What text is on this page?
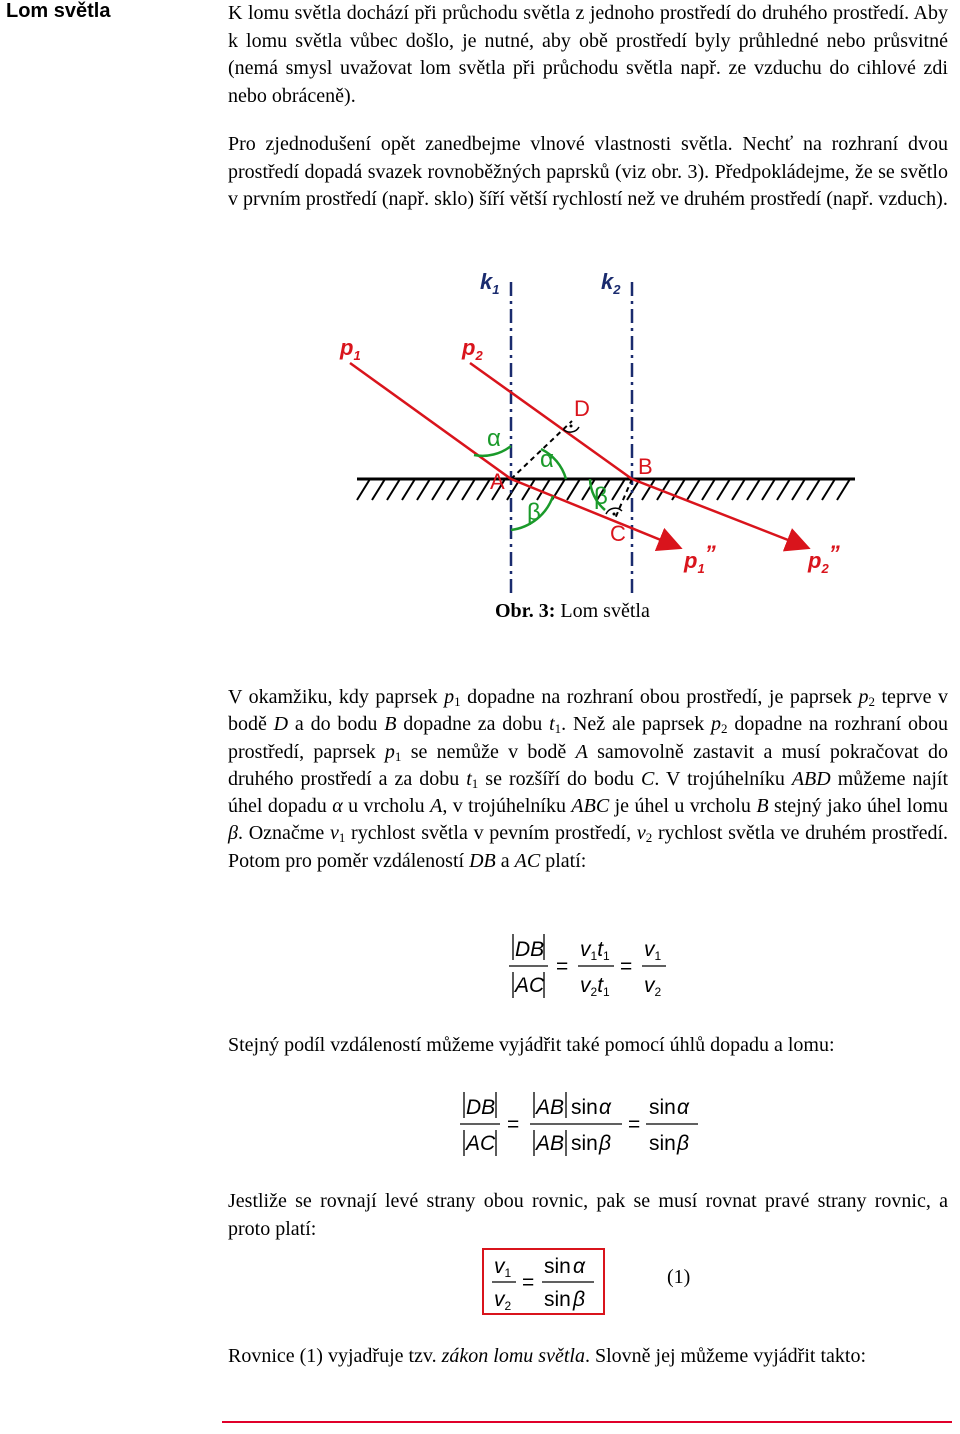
Lom světla	K lomu světla dochází při průchodu světla z jednoho prostředí do druhého prostředí. Aby k lomu světla vůbec došlo, je nutné, aby obě prostředí byly průhledné nebo průsvitné (nemá smysl uvažovat lom světla při průchodu světla např. ze vzduchu do cihlové zdi nebo obráceně).

Pro zjednodušení opět zanedbejme vlnové vlastnosti světla. Nechť na rozhraní dvou prostředí dopadá svazek rovnoběžných paprsků (viz obr. 3). Předpokládejme, že se světlo v prvním prostředí (např. sklo) šíří větší rychlostí než ve druhém prostředí (např. vzduch).

$k_1$	$k_2$
$p_1$	$p_2$
D
A
B
C
α
α
β
β
$p_1$”	$p_2$”
Obr. 3: Lom světla

V okamžiku, kdy paprsek $p_1$ dopadne na rozhraní obou prostředí, je paprsek $p_2$ teprve v bodě D a do bodu B dopadne za dobu $t_1$. Než ale paprsek $p_2$ dopadne na rozhraní obou prostředí, paprsek $p_1$ se nemůže v bodě A samovolně zastavit a musí pokračovat do druhého prostředí a za dobu $t_1$ se rozšíří do bodu C. V trojúhelníku ABD můžeme najít úhel dopadu α u vrcholu A, v trojúhelníku ABC je úhel u vrcholu B stejný jako úhel lomu β. Označme $v_1$ rychlost světla v pevním prostředí, $v_2$ rychlost světla ve druhém prostředí. Potom pro poměr vzdáleností DB a AC platí:

DB
AC
=
v1t1
v2t1
=
v1
v2

Stejný podíl vzdáleností můžeme vyjádřit také pomocí úhlů dopadu a lomu:

DB
AC
=
AB sin α
AB sin β
=
sin α
sin β

Jestliže se rovnají levé strany obou rovnic, pak se musí rovnat pravé strany rovnic, a proto platí:

v1
v2
=
sin α
sin β
(1)

Rovnice (1) vyjadřuje tzv. zákon lomu světla. Slovně jej můžeme vyjádřit takto:
